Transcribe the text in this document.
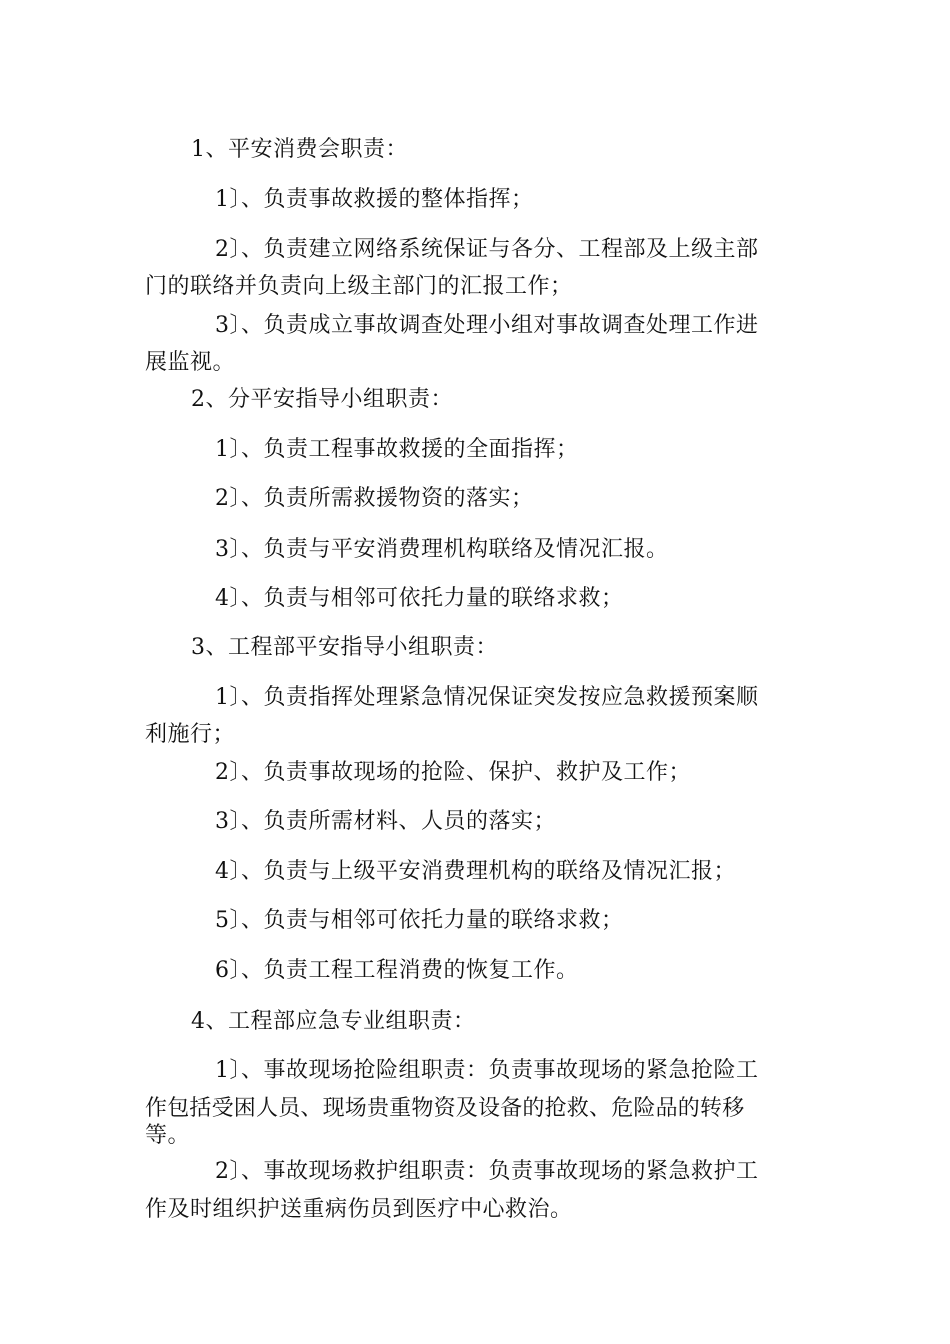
1、平安消费会职责：
1〕、负责事故救援的整体指挥；
2〕、负责建立网络系统保证与各分、工程部及上级主部
门的联络并负责向上级主部门的汇报工作；
3〕、负责成立事故调查处理小组对事故调查处理工作进
展监视。
2、分平安指导小组职责：
1〕、负责工程事故救援的全面指挥；
2〕、负责所需救援物资的落实；
3〕、负责与平安消费理机构联络及情况汇报。
4〕、负责与相邻可依托力量的联络求救；
3、工程部平安指导小组职责：
1〕、负责指挥处理紧急情况保证突发按应急救援预案顺
利施行；
2〕、负责事故现场的抢险、保护、救护及工作；
3〕、负责所需材料、人员的落实；
4〕、负责与上级平安消费理机构的联络及情况汇报；
5〕、负责与相邻可依托力量的联络求救；
6〕、负责工程工程消费的恢复工作。
4、工程部应急专业组职责：
1〕、事故现场抢险组职责：负责事故现场的紧急抢险工
作包括受困人员、现场贵重物资及设备的抢救、危险品的转移
等。
2〕、事故现场救护组职责：负责事故现场的紧急救护工
作及时组织护送重病伤员到医疗中心救治。
